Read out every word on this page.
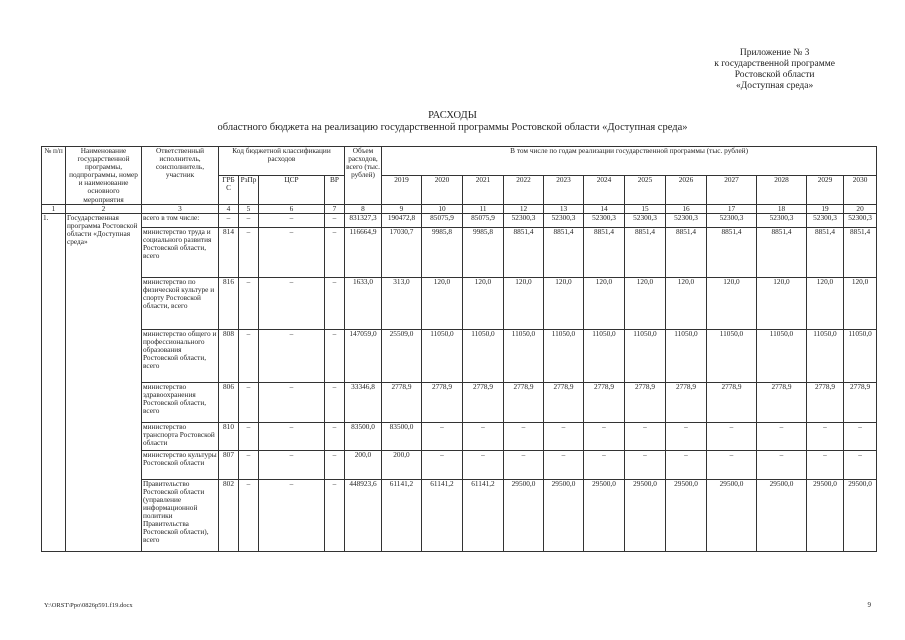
Приложение № 3
к государственной программе
Ростовской области
«Доступная среда»
РАСХОДЫ
областного бюджета на реализацию государственной программы Ростовской области «Доступная среда»
№ п/п	Наименование государственной программы, подпрограммы, номер и наименование основного мероприятия	Ответственный исполнитель, соисполнитель, участник	Код бюджетной классификации расходов				Объем расходов, всего (тыс. рублей)	В том числе по годам реализации государственной программы (тыс. рублей)											
			ГРБС	РзПр	ЦСР	ВР		2019	2020	2021	2022	2023	2024	2025	2026	2027	2028	2029	2030
1	2	3	4	5	6	7	8	9	10	11	12	13	14	15	16	17	18	19	20
1.	Государственная программа Ростовской области «Доступная среда»	всего в том числе:	–	–	–	–	831327,3	190472,8	85075,9	85075,9	52300,3	52300,3	52300,3	52300,3	52300,3	52300,3	52300,3	52300,3	52300,3
		министерство труда и социального развития Ростовской области, всего	814	–	–	–	116664,9	17030,7	9985,8	9985,8	8851,4	8851,4	8851,4	8851,4	8851,4	8851,4	8851,4	8851,4	8851,4
		министерство по физической культуре и спорту Ростовской области, всего	816	–	–	–	1633,0	313,0	120,0	120,0	120,0	120,0	120,0	120,0	120,0	120,0	120,0	120,0	120,0
		министерство общего и профессионального образования Ростовской области, всего	808	–	–	–	147059,0	25509,0	11050,0	11050,0	11050,0	11050,0	11050,0	11050,0	11050,0	11050,0	11050,0	11050,0	11050,0
		министерство здравоохранения Ростовской области, всего	806	–	–	–	33346,8	2778,9	2778,9	2778,9	2778,9	2778,9	2778,9	2778,9	2778,9	2778,9	2778,9	2778,9	2778,9
		министерство транспорта Ростовской области	810	–	–	–	83500,0	83500,0	–	–	–	–	–	–	–	–	–	–	–
		министерство культуры Ростовской области	807	–	–	–	200,0	200,0	–	–	–	–	–	–	–	–	–	–	–
		Правительство Ростовской области (управление информационной политики Правительства Ростовской области), всего	802	–	–	–	448923,6	61141,2	61141,2	61141,2	29500,0	29500,0	29500,0	29500,0	29500,0	29500,0	29500,0	29500,0	29500,0
Y:\ORST\Ppo\0826p591.f19.docx	9
